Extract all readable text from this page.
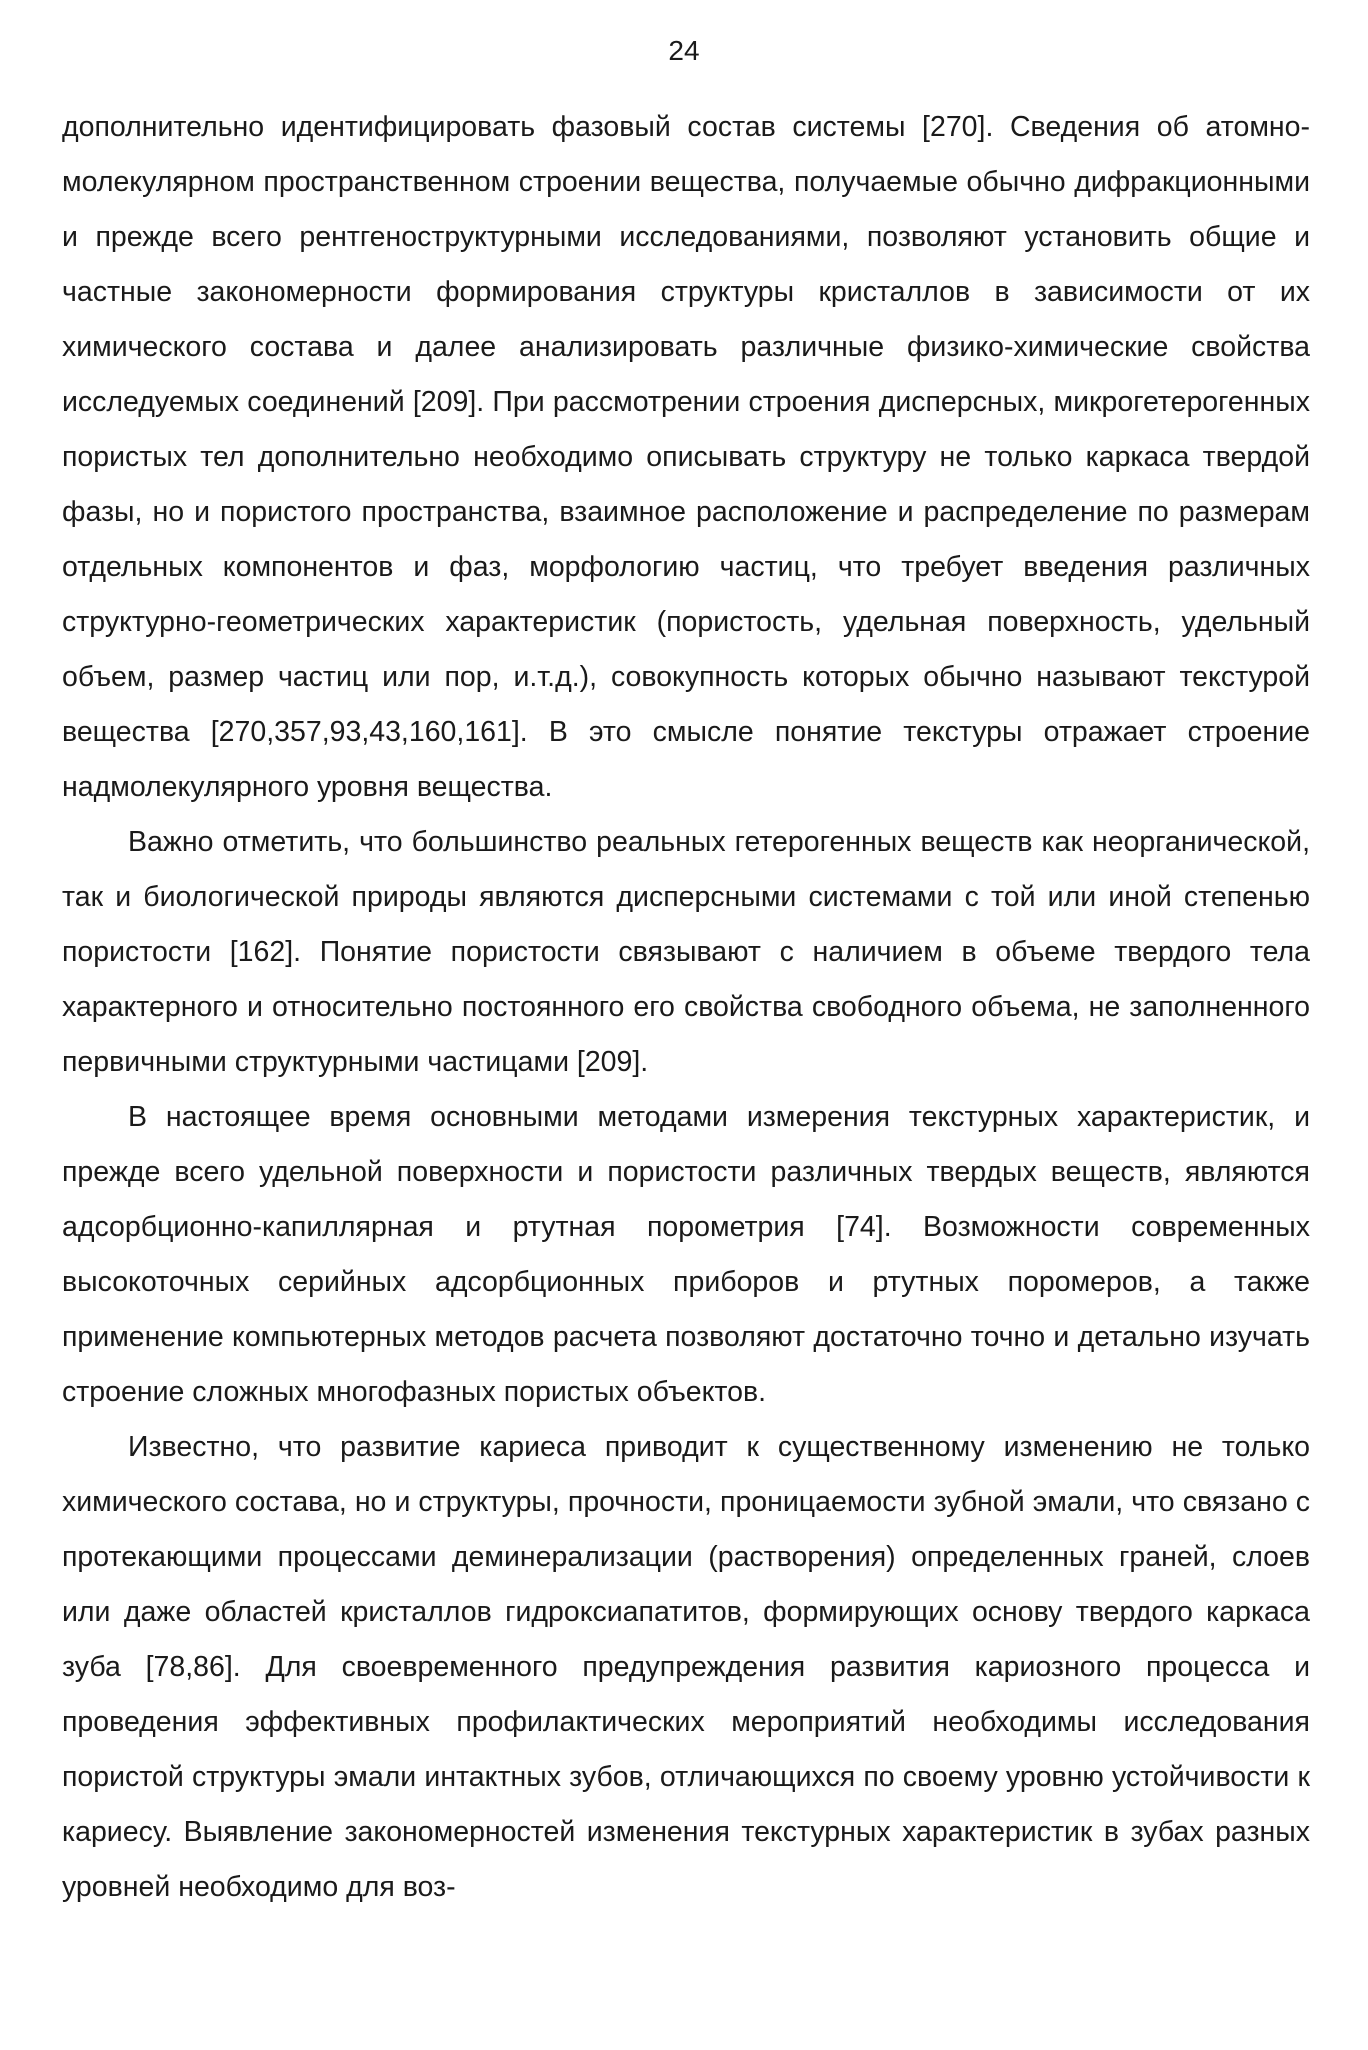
24

дополнительно идентифицировать фазовый состав системы [270]. Сведения об атомно-молекулярном пространственном строении вещества, получаемые обычно дифракционными и прежде всего рентгеноструктурными исследованиями, позволяют установить общие и частные закономерности формирования структуры кристаллов в зависимости от их химического состава и далее анализировать различные физико-химические свойства исследуемых соединений [209]. При рассмотрении строения дисперсных, микрогетерогенных пористых тел дополнительно необходимо описывать структуру не только каркаса твердой фазы, но и пористого пространства, взаимное расположение и распределение по размерам отдельных компонентов и фаз, морфологию частиц, что требует введения различных структурно-геометрических характеристик (пористость, удельная поверхность, удельный объем, размер частиц или пор, и.т.д.), совокупность которых обычно называют текстурой вещества [270,357,93,43,160,161]. В это смысле понятие текстуры отражает строение надмолекулярного уровня вещества.

Важно отметить, что большинство реальных гетерогенных веществ как неорганической, так и биологической природы являются дисперсными системами с той или иной степенью пористости [162]. Понятие пористости связывают с наличием в объеме твердого тела характерного и относительно постоянного его свойства свободного объема, не заполненного первичными структурными частицами [209].

В настоящее время основными методами измерения текстурных характеристик, и прежде всего удельной поверхности и пористости различных твердых веществ, являются адсорбционно-капиллярная и ртутная порометрия [74]. Возможности современных высокоточных серийных адсорбционных приборов и ртутных поромеров, а также применение компьютерных методов расчета позволяют достаточно точно и детально изучать строение сложных многофазных пористых объектов.

Известно, что развитие кариеса приводит к существенному изменению не только химического состава, но и структуры, прочности, проницаемости зубной эмали, что связано с протекающими процессами деминерализации (растворения) определенных граней, слоев или даже областей кристаллов гидроксиапатитов, формирующих основу твердого каркаса зуба [78,86]. Для своевременного предупреждения развития кариозного процесса и проведения эффективных профилактических мероприятий необходимы исследования пористой структуры эмали интактных зубов, отличающихся по своему уровню устойчивости к кариесу. Выявление закономерностей изменения текстурных характеристик в зубах разных уровней необходимо для воз-
